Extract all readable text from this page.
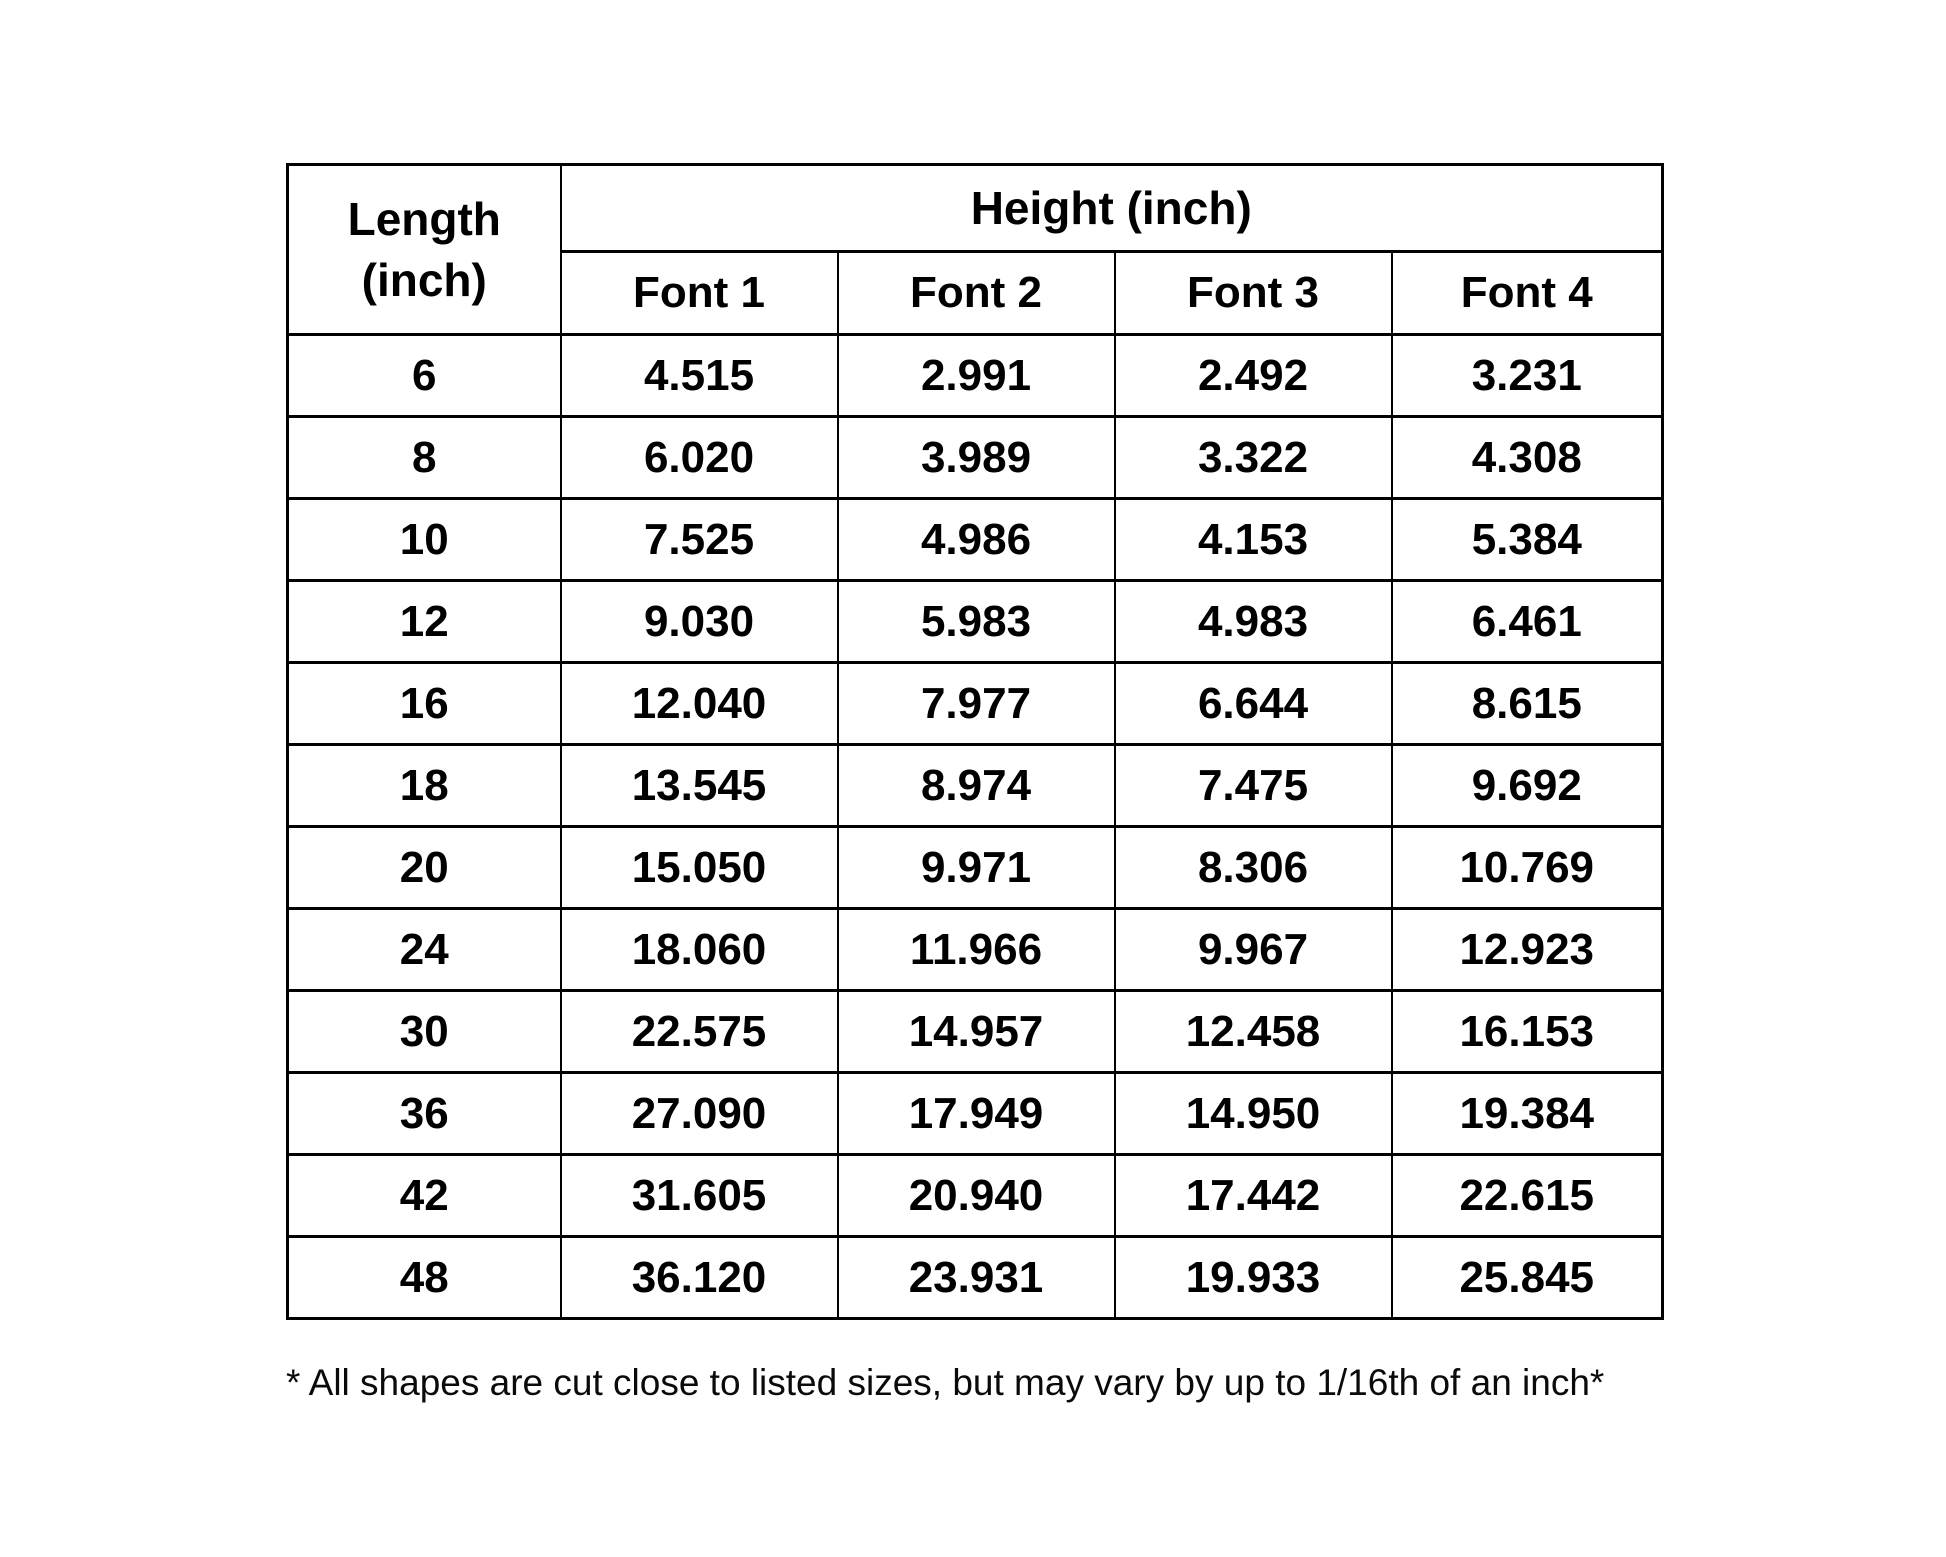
Length (inch)	Height (inch)			
	Font 1	Font 2	Font 3	Font 4
6	4.515	2.991	2.492	3.231
8	6.020	3.989	3.322	4.308
10	7.525	4.986	4.153	5.384
12	9.030	5.983	4.983	6.461
16	12.040	7.977	6.644	8.615
18	13.545	8.974	7.475	9.692
20	15.050	9.971	8.306	10.769
24	18.060	11.966	9.967	12.923
30	22.575	14.957	12.458	16.153
36	27.090	17.949	14.950	19.384
42	31.605	20.940	17.442	22.615
48	36.120	23.931	19.933	25.845
* All shapes are cut close to listed sizes, but may vary by up to 1/16th of an inch*
